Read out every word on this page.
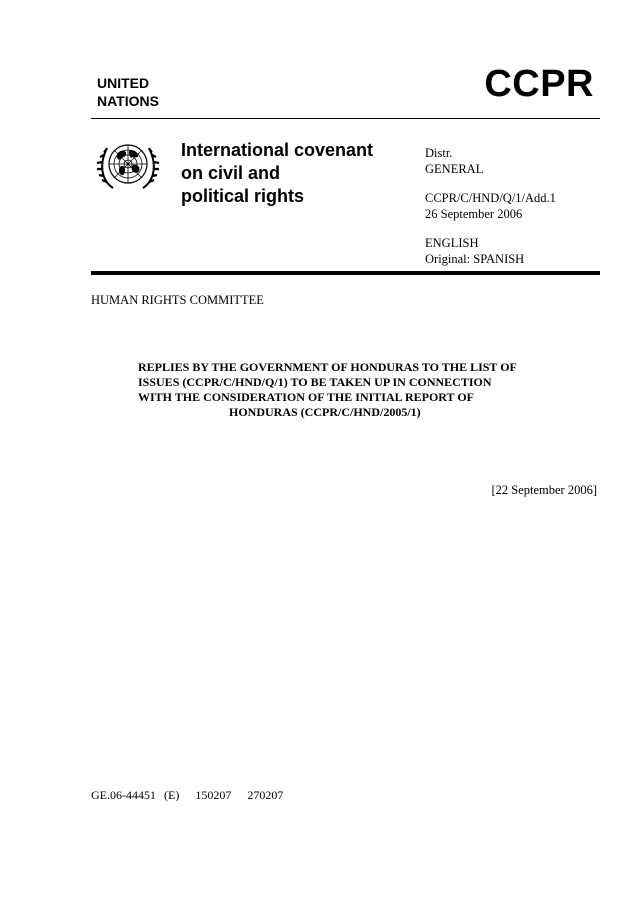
UNITED
NATIONS	CCPR
International covenant
on civil and
political rights
Distr.
GENERAL
CCPR/C/HND/Q/1/Add.1
26 September 2006
ENGLISH
Original: SPANISH
HUMAN RIGHTS COMMITTEE
REPLIES BY THE GOVERNMENT OF HONDURAS TO THE LIST OF
ISSUES (CCPR/C/HND/Q/1) TO BE TAKEN UP IN CONNECTION
WITH THE CONSIDERATION OF THE INITIAL REPORT OF
HONDURAS (CCPR/C/HND/2005/1)
[22 September 2006]
GE.06-44451  (E)    150207    270207
